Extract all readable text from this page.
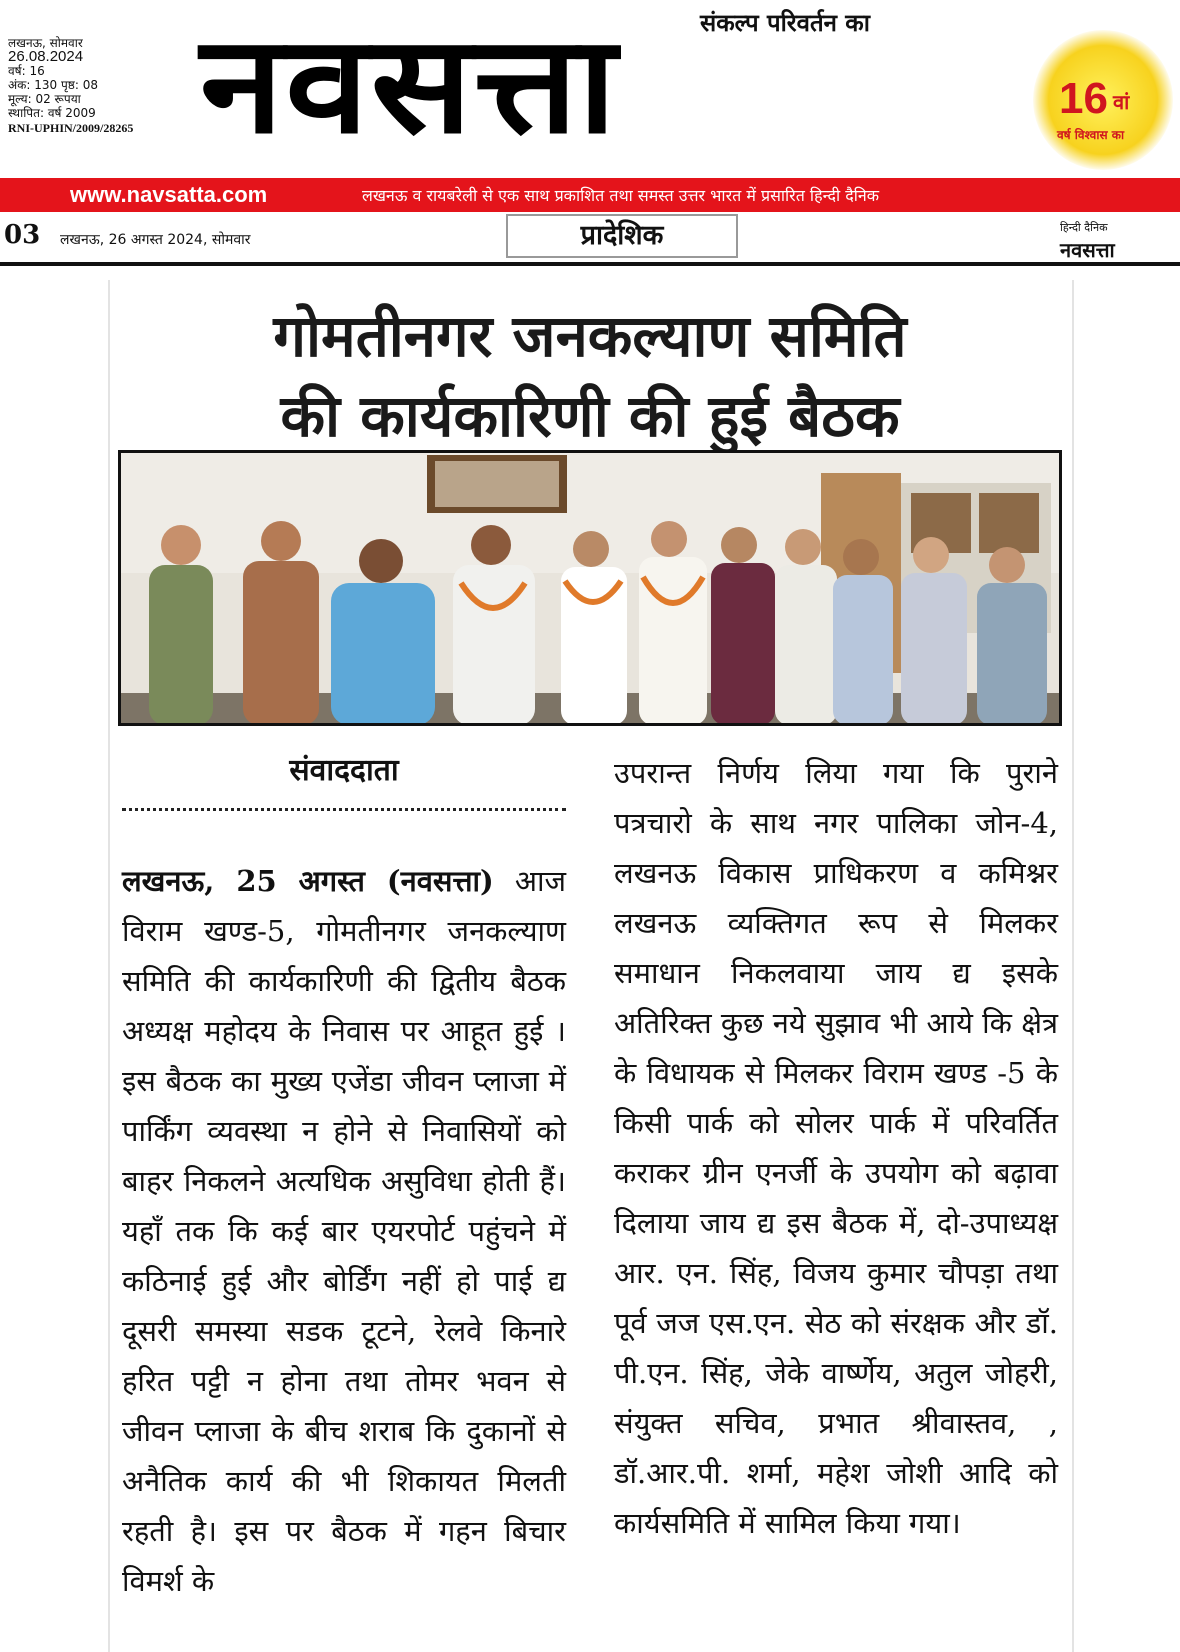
लखनऊ, सोमवार
26.08.2024
वर्ष: 16
अंक: 130 पृष्ठ: 08
मूल्य: 02 रूपया
स्थापित: वर्ष 2009
RNI-UPHIN/2009/28265
संकल्प परिवर्तन का
नवसत्ता	16 वां
वर्ष विश्वास का
www.navsatta.com	लखनऊ व रायबरेली से एक साथ प्रकाशित तथा समस्त उत्तर भारत में प्रसारित हिन्दी दैनिक
03 लखनऊ, 26 अगस्त 2024, सोमवार	प्रादेशिक	हिन्दी दैनिक
नवसत्ता
गोमतीनगर जनकल्याण समिति
की कार्यकारिणी की हुई बैठक
संवाददाता

लखनऊ, 25 अगस्त (नवसत्ता) आज विराम खण्ड-5, गोमतीनगर जनकल्याण समिति की कार्यकारिणी की द्वितीय बैठक अध्यक्ष महोदय के निवास पर आहूत हुई । इस बैठक का मुख्य एजेंडा जीवन प्लाजा में पार्किंग व्यवस्था न होने से निवासियों को बाहर निकलने अत्यधिक असुविधा होती हैं। यहाँ तक कि कई बार एयरपोर्ट पहुंचने में कठिनाई हुई और बोर्डिंग नहीं हो पाई द्य दूसरी समस्या सडक टूटने, रेलवे किनारे हरित पट्टी न होना तथा तोमर भवन से जीवन प्लाजा के बीच शराब कि दुकानों से अनैतिक कार्य की भी शिकायत मिलती रहती है। इस पर बैठक में गहन बिचार विमर्श के

उपरान्त निर्णय लिया गया कि पुराने पत्रचारो के साथ नगर पालिका जोन-4, लखनऊ विकास प्राधिकरण व कमिश्नर लखनऊ व्यक्तिगत रूप से मिलकर समाधान निकलवाया जाय द्य इसके अतिरिक्त कुछ नये सुझाव भी आये कि क्षेत्र के विधायक से मिलकर विराम खण्ड -5 के किसी पार्क को सोलर पार्क में परिवर्तित कराकर ग्रीन एनर्जी के उपयोग को बढ़ावा दिलाया जाय द्य इस बैठक में, दो-उपाध्यक्ष आर. एन. सिंह, विजय कुमार चौपड़ा तथा पूर्व जज एस.एन. सेठ को संरक्षक और डॉ. पी.एन. सिंह, जेके वार्ष्णेय, अतुल जोहरी, संयुक्त सचिव, प्रभात श्रीवास्तव, , डॉ.आर.पी. शर्मा, महेश जोशी आदि को कार्यसमिति में सामिल किया गया।
